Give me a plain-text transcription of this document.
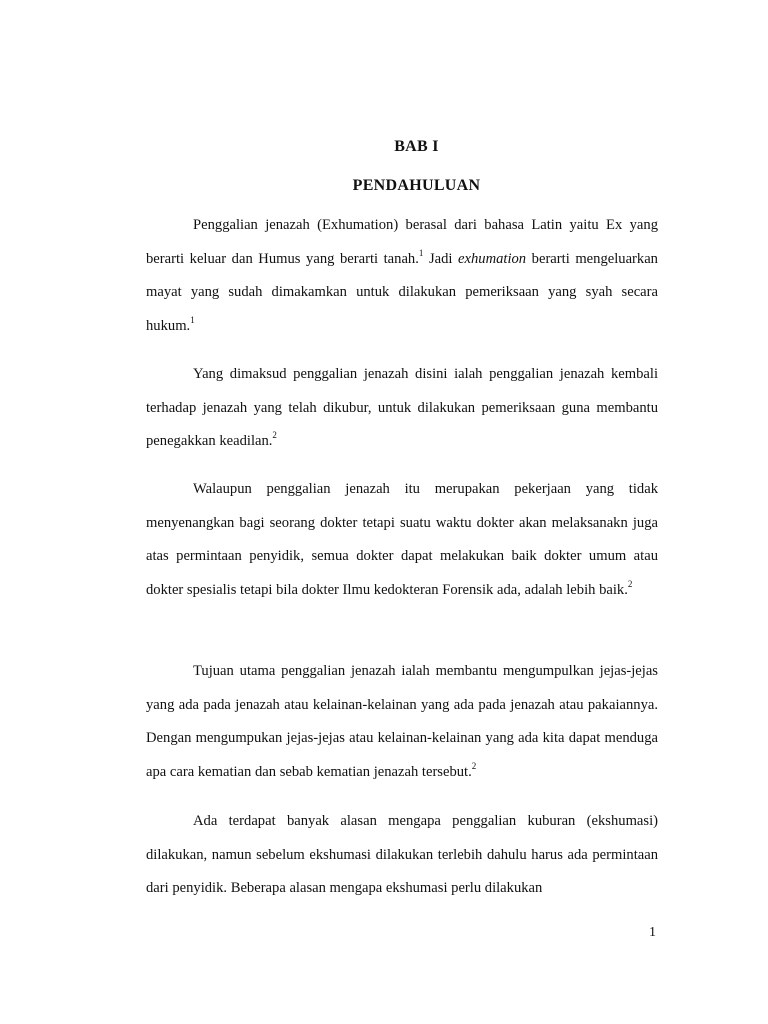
BAB I
PENDAHULUAN

Penggalian jenazah (Exhumation) berasal dari bahasa Latin yaitu Ex yang berarti keluar dan Humus yang berarti tanah.$^1$ Jadi exhumation berarti mengeluarkan mayat yang sudah dimakamkan untuk dilakukan pemeriksaan yang syah secara hukum.$^1$

Yang dimaksud penggalian jenazah disini ialah penggalian jenazah kembali terhadap jenazah yang telah dikubur, untuk dilakukan pemeriksaan guna membantu penegakkan keadilan.$^2$

Walaupun penggalian jenazah itu merupakan pekerjaan yang tidak menyenangkan bagi seorang dokter tetapi suatu waktu dokter akan melaksanakn juga atas permintaan penyidik, semua dokter dapat melakukan baik dokter umum atau dokter spesialis tetapi bila dokter Ilmu kedokteran Forensik ada, adalah lebih baik.$^2$

Tujuan utama penggalian jenazah ialah membantu mengumpulkan jejas-jejas yang ada pada jenazah atau kelainan-kelainan yang ada pada jenazah atau pakaiannya. Dengan mengumpukan jejas-jejas atau kelainan-kelainan yang ada kita dapat menduga apa cara kematian dan sebab kematian jenazah tersebut.$^2$

Ada terdapat banyak alasan mengapa penggalian kuburan (ekshumasi) dilakukan, namun sebelum ekshumasi dilakukan terlebih dahulu harus ada permintaan dari penyidik. Beberapa alasan mengapa ekshumasi perlu dilakukan

1
